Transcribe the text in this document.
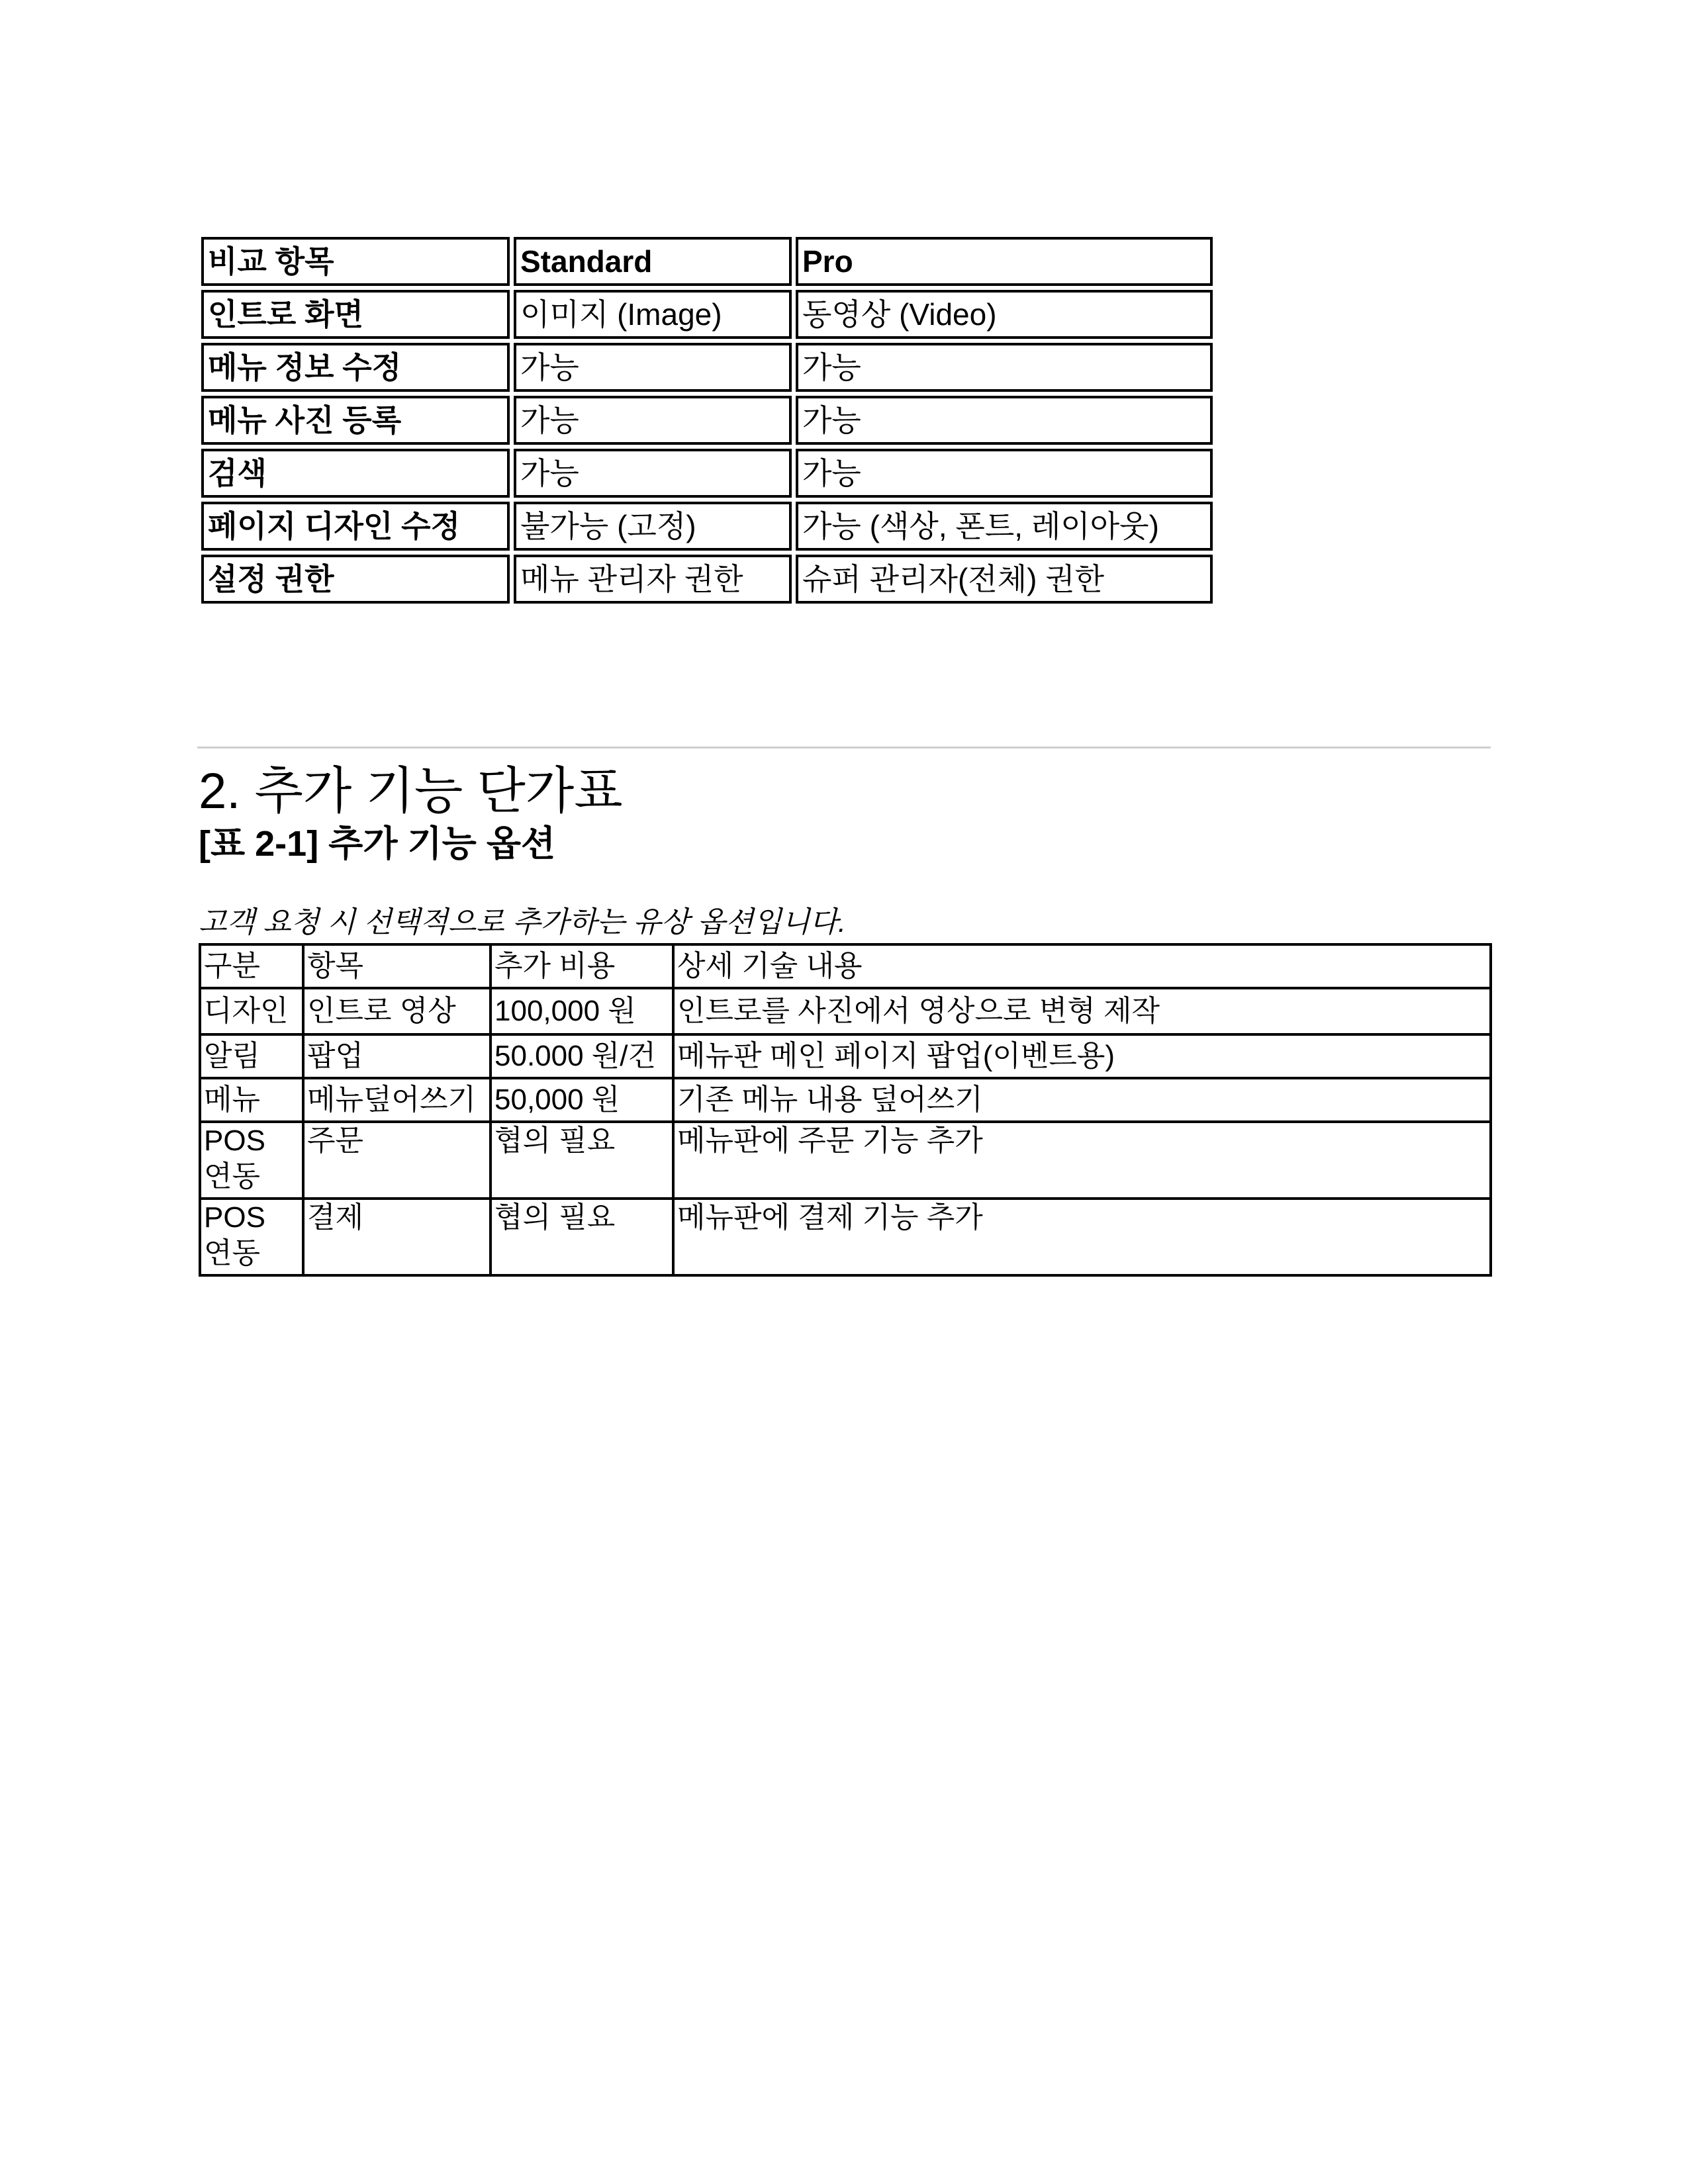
비교 항목	Standard	Pro
인트로 화면	이미지 (Image)	동영상 (Video)
메뉴 정보 수정	가능	가능
메뉴 사진 등록	가능	가능
검색	가능	가능
페이지 디자인 수정	불가능 (고정)	가능 (색상, 폰트, 레이아웃)
설정 권한	메뉴 관리자 권한	슈퍼 관리자(전체) 권한
2. 추가 기능 단가표
[표 2-1] 추가 기능 옵션

고객 요청 시 선택적으로 추가하는 유상 옵션입니다.

구분	항목	추가 비용	상세 기술 내용
디자인	인트로 영상	100,000 원	인트로를 사진에서 영상으로 변형 제작
알림	팝업	50.000 원/건	메뉴판 메인 페이지 팝업(이벤트용)
메뉴	메뉴덮어쓰기	50,000 원	기존 메뉴 내용 덮어쓰기
POS 연동	주문	협의 필요	메뉴판에 주문 기능 추가
POS 연동	결제	협의 필요	메뉴판에 결제 기능 추가
